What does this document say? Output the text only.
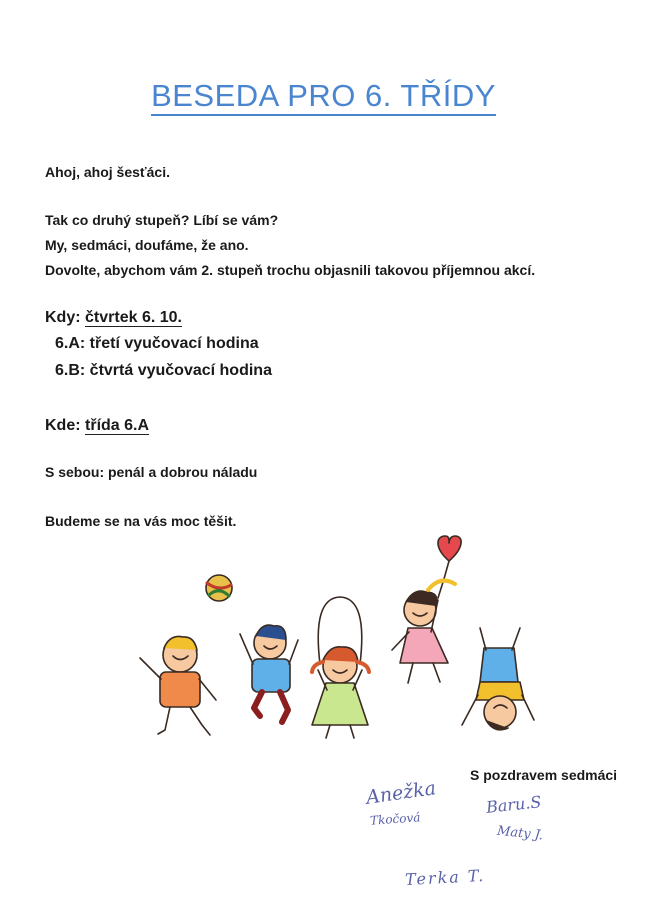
BESEDA PRO 6. TŘÍDY
Ahoj, ahoj šesťáci.
Tak co druhý stupeň? Líbí se vám?
My, sedmáci, doufáme, že ano.
Dovolte, abychom vám 2. stupeň trochu objasnili takovou příjemnou akcí.
Kdy: čtvrtek 6. 10.
6.A: třetí vyučovací hodina
6.B: čtvrtá vyučovací hodina
Kde: třída 6.A
S sebou: penál a dobrou náladu
Budeme se na vás moc těšit.
S pozdravem sedmáci
Anežka
Tkočová
Baru.S
Maty J.
Terka T.
